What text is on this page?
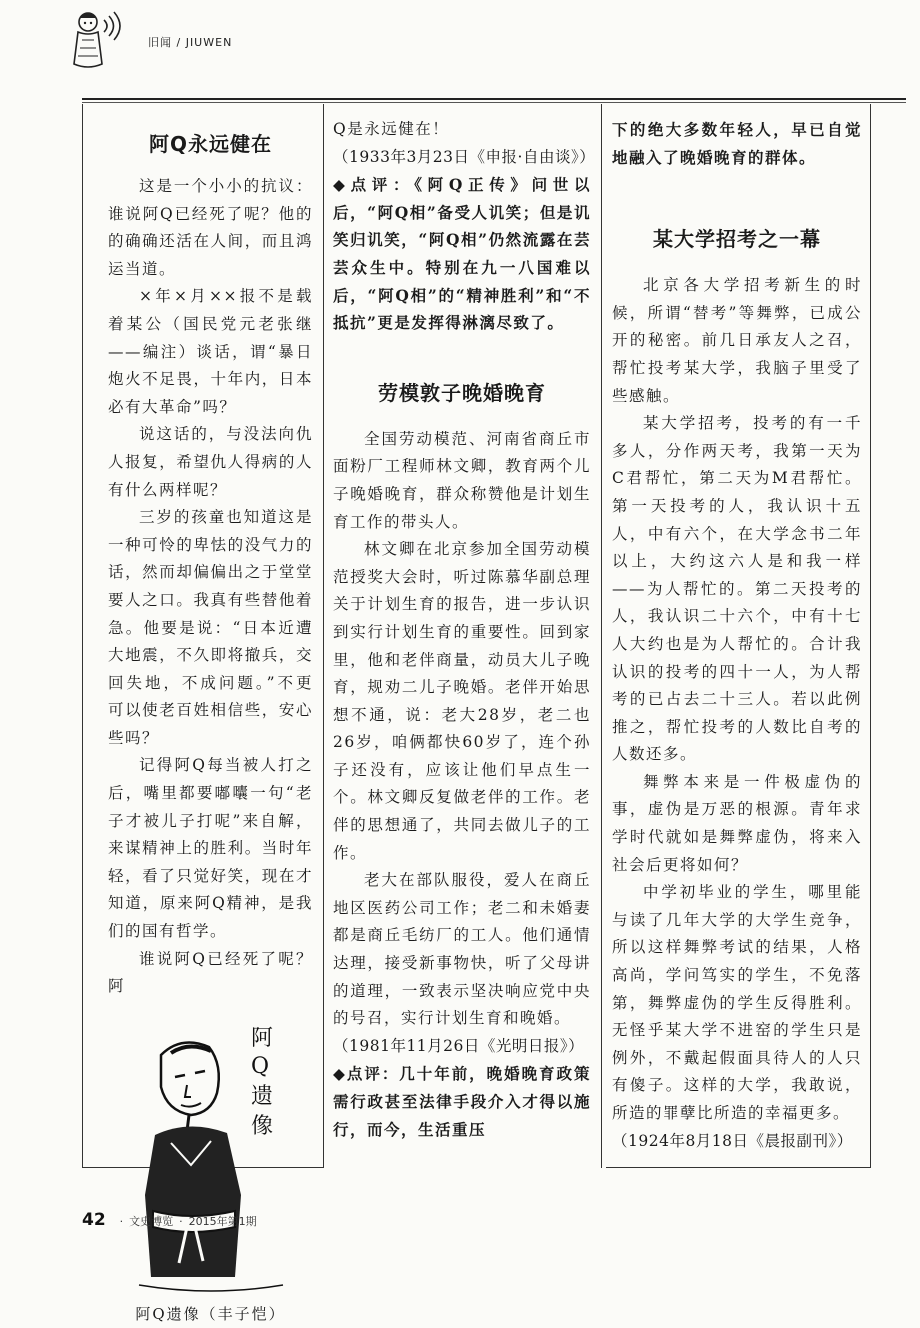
旧闻 / JIUWEN
阿Q永远健在

这是一个小小的抗议：谁说阿Q已经死了呢？他的的确确还活在人间，而且鸿运当道。

×年×月××报不是载着某公（国民党元老张继——编注）谈话，谓“暴日炮火不足畏，十年内，日本必有大革命”吗？

说这话的，与没法向仇人报复，希望仇人得病的人有什么两样呢？

三岁的孩童也知道这是一种可怜的卑怯的没气力的话，然而却偏偏出之于堂堂要人之口。我真有些替他着急。他要是说：“日本近遭大地震，不久即将撤兵，交回失地，不成问题。”不更可以使老百姓相信些，安心些吗？

记得阿Q每当被人打之后，嘴里都要嘟囔一句“老子才被儿子打呢”来自解，来谋精神上的胜利。当时年轻，看了只觉好笑，现在才知道，原来阿Q精神，是我们的国有哲学。

谁说阿Q已经死了呢？阿

阿
Q
遗
像

阿Q遗像（丰子恺）

Q是永远健在！

（1933年3月23日《申报·自由谈》）

◆点评：《阿Q正传》问世以后，“阿Q相”备受人讥笑；但是讥笑归讥笑，“阿Q相”仍然流露在芸芸众生中。特别在九一八国难以后，“阿Q相”的“精神胜利”和“不抵抗”更是发挥得淋漓尽致了。

劳模敦子晚婚晚育

全国劳动模范、河南省商丘市面粉厂工程师林文卿，教育两个儿子晚婚晚育，群众称赞他是计划生育工作的带头人。

林文卿在北京参加全国劳动模范授奖大会时，听过陈慕华副总理关于计划生育的报告，进一步认识到实行计划生育的重要性。回到家里，他和老伴商量，动员大儿子晚育，规劝二儿子晚婚。老伴开始思想不通，说：老大28岁，老二也26岁，咱俩都快60岁了，连个孙子还没有，应该让他们早点生一个。林文卿反复做老伴的工作。老伴的思想通了，共同去做儿子的工作。

老大在部队服役，爱人在商丘地区医药公司工作；老二和未婚妻都是商丘毛纺厂的工人。他们通情达理，接受新事物快，听了父母讲的道理，一致表示坚决响应党中央的号召，实行计划生育和晚婚。

（1981年11月26日《光明日报》）

◆点评：几十年前，晚婚晚育政策需行政甚至法律手段介入才得以施行，而今，生活重压

下的绝大多数年轻人，早已自觉地融入了晚婚晚育的群体。

某大学招考之一幕

北京各大学招考新生的时候，所谓“替考”等舞弊，已成公开的秘密。前几日承友人之召，帮忙投考某大学，我脑子里受了些感触。

某大学招考，投考的有一千多人，分作两天考，我第一天为C君帮忙，第二天为M君帮忙。第一天投考的人，我认识十五人，中有六个，在大学念书二年以上，大约这六人是和我一样——为人帮忙的。第二天投考的人，我认识二十六个，中有十七人大约也是为人帮忙的。合计我认识的投考的四十一人，为人帮考的已占去二十三人。若以此例推之，帮忙投考的人数比自考的人数还多。

舞弊本来是一件极虚伪的事，虚伪是万恶的根源。青年求学时代就如是舞弊虚伪，将来入社会后更将如何？

中学初毕业的学生，哪里能与读了几年大学的大学生竞争，所以这样舞弊考试的结果，人格高尚，学问笃实的学生，不免落第，舞弊虚伪的学生反得胜利。无怪乎某大学不进窑的学生只是例外，不戴起假面具待人的人只有傻子。这样的大学，我敢说，所造的罪孽比所造的幸福更多。

（1924年8月18日《晨报副刊》）

42 · 文史博览 · 2015年第1期
